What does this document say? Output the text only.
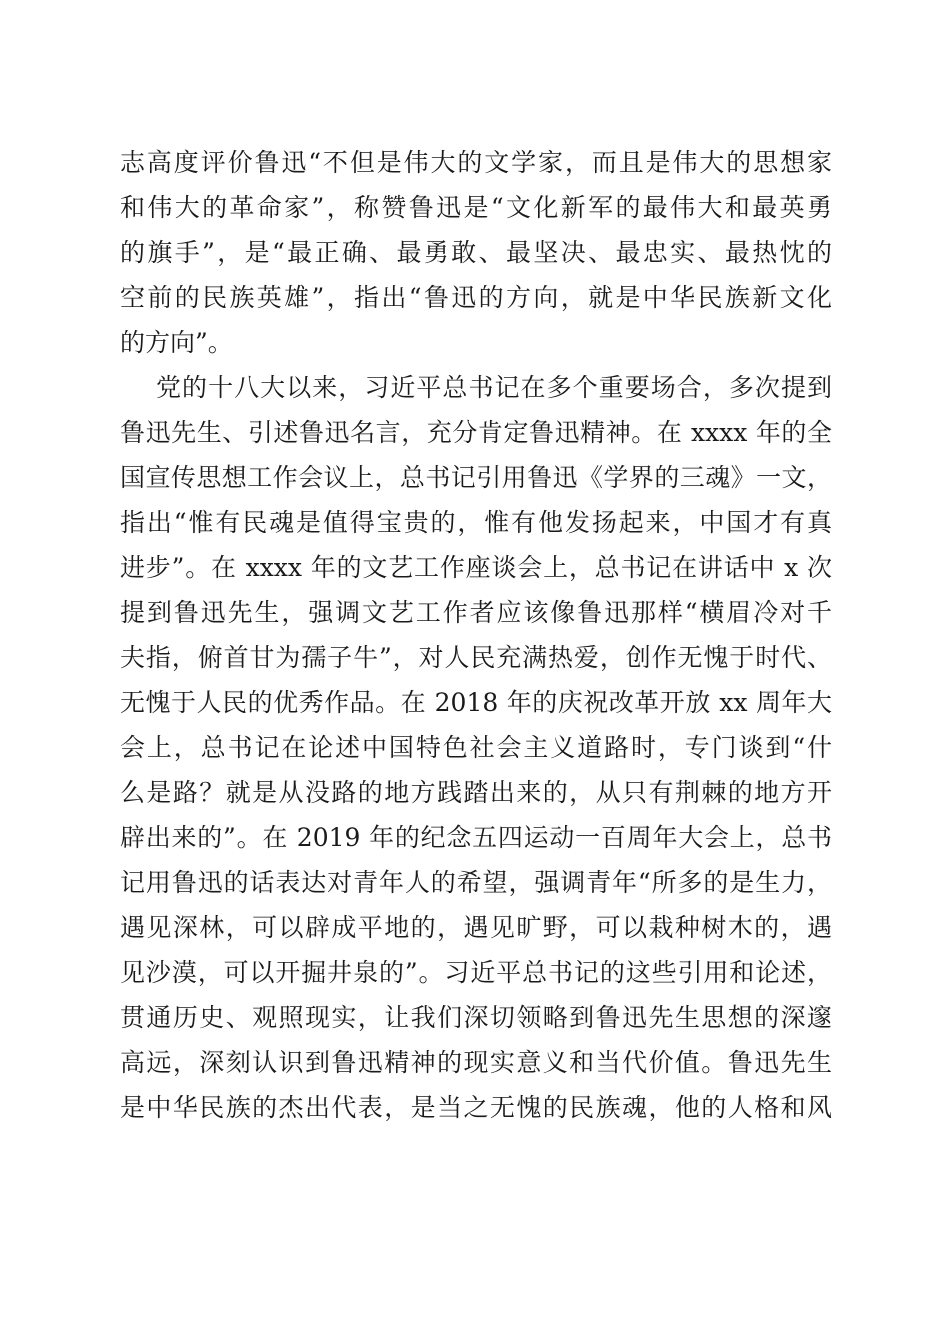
志高度评价鲁迅“不但是伟大的文学家，而且是伟大的思想家
和伟大的革命家”，称赞鲁迅是“文化新军的最伟大和最英勇
的旗手”，是“最正确、最勇敢、最坚决、最忠实、最热忱的
空前的民族英雄”，指出“鲁迅的方向，就是中华民族新文化
的方向”。
党的十八大以来，习近平总书记在多个重要场合，多次提到
鲁迅先生、引述鲁迅名言，充分肯定鲁迅精神。在 xxxx 年的全
国宣传思想工作会议上，总书记引用鲁迅《学界的三魂》一文，
指出“惟有民魂是值得宝贵的，惟有他发扬起来，中国才有真
进步”。在 xxxx 年的文艺工作座谈会上，总书记在讲话中 x 次
提到鲁迅先生，强调文艺工作者应该像鲁迅那样“横眉冷对千
夫指，俯首甘为孺子牛”，对人民充满热爱，创作无愧于时代、
无愧于人民的优秀作品。在 2018 年的庆祝改革开放 xx 周年大
会上，总书记在论述中国特色社会主义道路时，专门谈到“什
么是路？就是从没路的地方践踏出来的，从只有荆棘的地方开
辟出来的”。在 2019 年的纪念五四运动一百周年大会上，总书
记用鲁迅的话表达对青年人的希望，强调青年“所多的是生力，
遇见深林，可以辟成平地的，遇见旷野，可以栽种树木的，遇
见沙漠，可以开掘井泉的”。习近平总书记的这些引用和论述，
贯通历史、观照现实，让我们深切领略到鲁迅先生思想的深邃
高远，深刻认识到鲁迅精神的现实意义和当代价值。鲁迅先生
是中华民族的杰出代表，是当之无愧的民族魂，他的人格和风
